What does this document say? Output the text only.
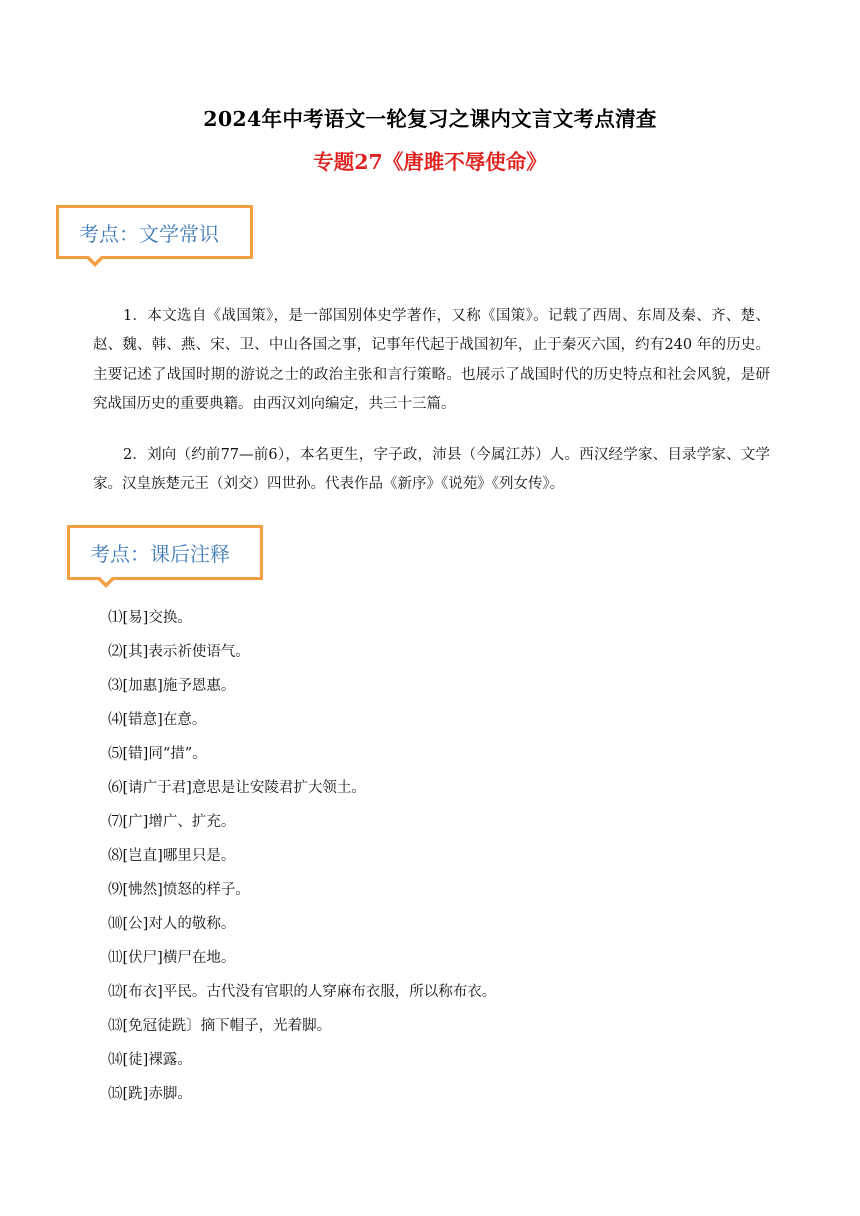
2024年中考语文一轮复习之课内文言文考点清查
专题27《唐雎不辱使命》
考点：文学常识

1．本文选自《战国策》，是一部国别体史学著作，又称《国策》。记载了西周、东周及秦、齐、楚、赵、魏、韩、燕、宋、卫、中山各国之事，记事年代起于战国初年，止于秦灭六国，约有240 年的历史。主要记述了战国时期的游说之士的政治主张和言行策略。也展示了战国时代的历史特点和社会风貌，是研究战国历史的重要典籍。由西汉刘向编定，共三十三篇。

2．刘向（约前77—前6），本名更生，字子政，沛县（今属江苏）人。西汉经学家、目录学家、文学家。汉皇族楚元王（刘交）四世孙。代表作品《新序》《说苑》《列女传》。

考点：课后注释
⑴[易]交换。
⑵[其]表示祈使语气。
⑶[加惠]施予恩惠。
⑷[错意]在意。
⑸[错]同“措”。
⑹[请广于君]意思是让安陵君扩大领土。
⑺[广]增广、扩充。
⑻[岂直]哪里只是。
⑼[怫然]愤怒的样子。
⑽[公]对人的敬称。
⑾[伏尸]横尸在地。
⑿[布衣]平民。古代没有官职的人穿麻布衣服，所以称布衣。
⒀[免冠徒跣〕摘下帽子，光着脚。
⒁[徒]裸露。
⒂[跣]赤脚。
